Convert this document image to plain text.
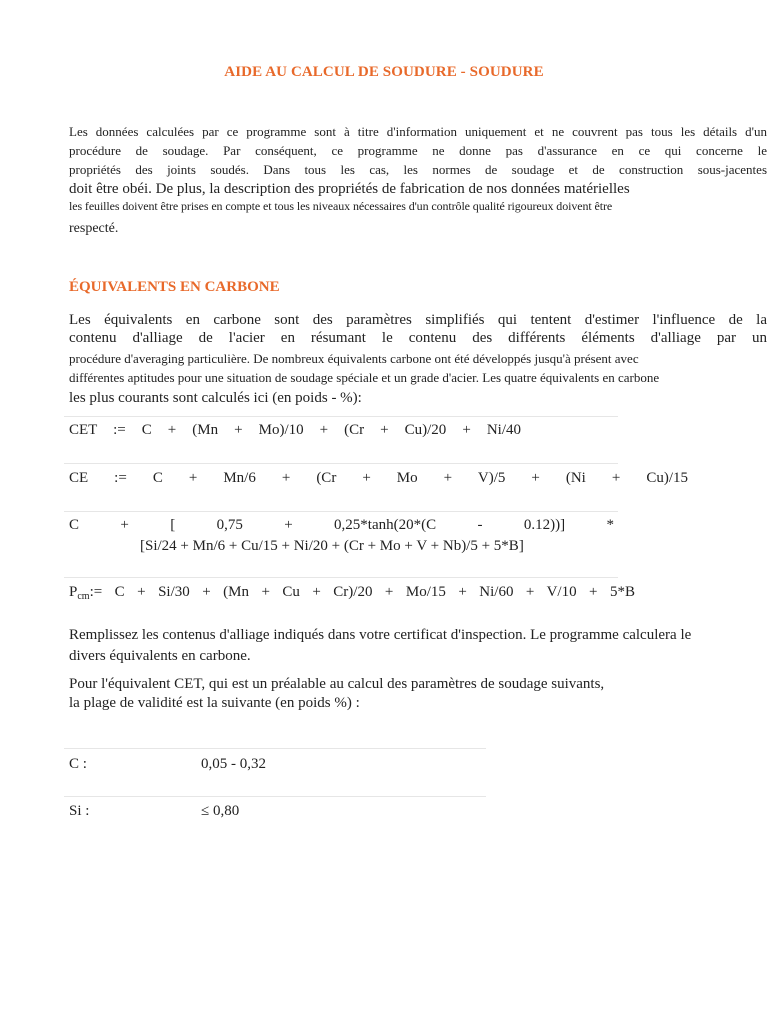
AIDE AU CALCUL DE SOUDURE - SOUDURE
Les données calculées par ce programme sont à titre d'information uniquement et ne couvrent pas tous les détails d'un
procédure de soudage. Par conséquent, ce programme ne donne pas d'assurance en ce qui concerne le
propriétés des joints soudés. Dans tous les cas, les normes de soudage et de construction sous-jacentes
doit être obéi. De plus, la description des propriétés de fabrication de nos données matérielles
les feuilles doivent être prises en compte et tous les niveaux nécessaires d'un contrôle qualité rigoureux doivent être
respecté.
ÉQUIVALENTS EN CARBONE
Les équivalents en carbone sont des paramètres simplifiés qui tentent d'estimer l'influence de la
contenu d'alliage de l'acier en résumant le contenu des différents éléments d'alliage par un
procédure d'averaging particulière. De nombreux équivalents carbone ont été développés jusqu'à présent avec
différentes aptitudes pour une situation de soudage spéciale et un grade d'acier. Les quatre équivalents en carbone
les plus courants sont calculés ici (en poids - %):
CET := C + (Mn + Mo)/10 + (Cr + Cu)/20 + Ni/40
CE := C + Mn/6 + (Cr + Mo + V)/5 + (Ni + Cu)/15
C + [ 0,75 + 0,25*tanh(20*(C - 0.12))] *
[Si/24 + Mn/6 + Cu/15 + Ni/20 + (Cr + Mo + V + Nb)/5 + 5*B]
$P_{cm}:= C + Si/30 + (Mn + Cu + Cr)/20 + Mo/15 + Ni/60 + V/10 + 5*B$
Remplissez les contenus d'alliage indiqués dans votre certificat d'inspection. Le programme calculera le
divers équivalents en carbone.
Pour l'équivalent CET, qui est un préalable au calcul des paramètres de soudage suivants,
la plage de validité est la suivante (en poids %) :
C :	0,05 - 0,32
Si :	≤ 0,80
